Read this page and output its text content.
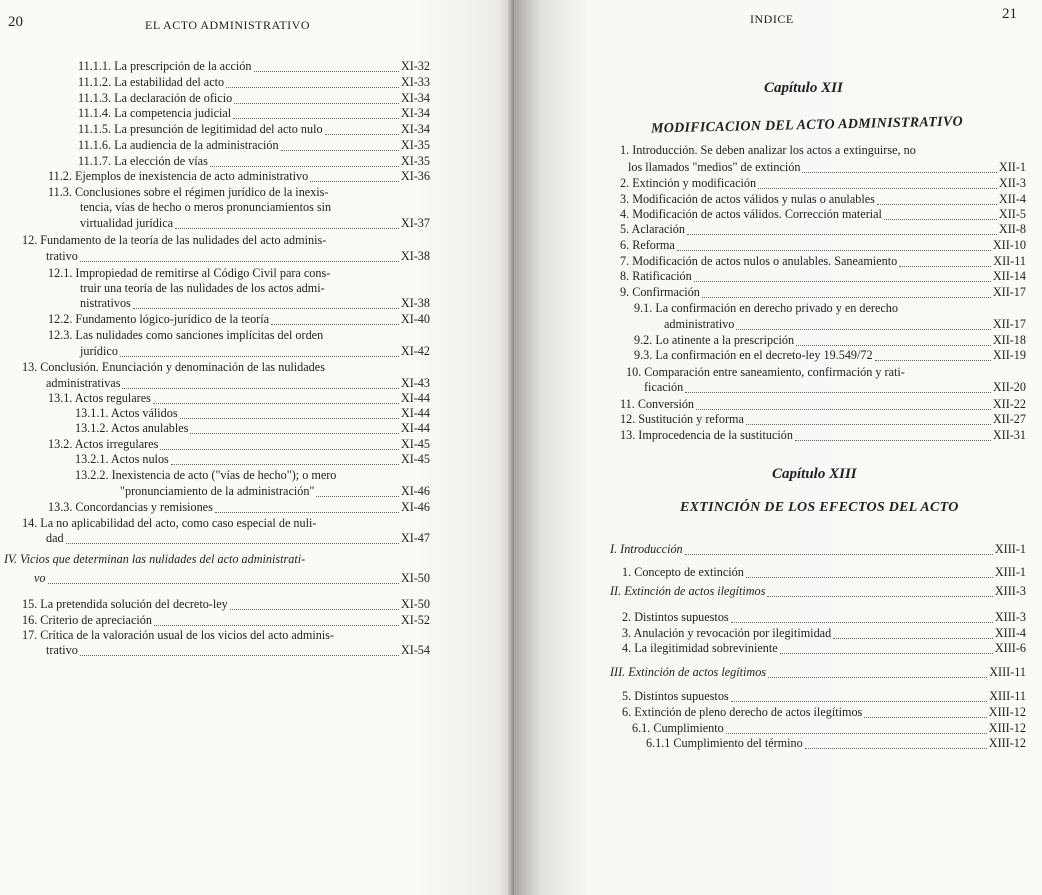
20	EL ACTO ADMINISTRATIVO
11.1.1. La prescripción de la acción	XI-32
11.1.2. La estabilidad del acto	XI-33
11.1.3. La declaración de oficio	XI-34
11.1.4. La competencia judicial	XI-34
11.1.5. La presunción de legitimidad del acto nulo	XI-34
11.1.6. La audiencia de la administración	XI-35
11.1.7. La elección de vías	XI-35
11.2. Ejemplos de inexistencia de acto administrativo	XI-36
11.3. Conclusiones sobre el régimen jurídico de la inexis-
tencia, vías de hecho o meros pronunciamientos sin
virtualidad jurídica	XI-37
12. Fundamento de la teoría de las nulidades del acto adminis-
trativo	XI-38
12.1. Impropiedad de remitirse al Código Civil para cons-
truir una teoría de las nulidades de los actos admi-
nistrativos	XI-38
12.2. Fundamento lógico-jurídico de la teoría	XI-40
12.3. Las nulidades como sanciones implícitas del orden
jurídico	XI-42
13. Conclusión. Enunciación y denominación de las nulidades
administrativas	XI-43
13.1. Actos regulares	XI-44
13.1.1. Actos válidos	XI-44
13.1.2. Actos anulables	XI-44
13.2. Actos irregulares	XI-45
13.2.1. Actos nulos	XI-45
13.2.2. Inexistencia de acto ("vías de hecho"); o mero
"pronunciamiento de la administración"	XI-46
13.3. Concordancias y remisiones	XI-46
14. La no aplicabilidad del acto, como caso especial de nuli-
dad	XI-47
IV. Vicios que determinan las nulidades del acto administrati-
vo	XI-50
15. La pretendida solución del decreto-ley	XI-50
16. Criterio de apreciación	XI-52
17. Crítica de la valoración usual de los vicios del acto adminis-
trativo	XI-54
INDICE	21
Capítulo XII
MODIFICACION DEL ACTO ADMINISTRATIVO
1. Introducción. Se deben analizar los actos a extinguirse, no
los llamados "medios" de extinción	XII-1
2. Extinción y modificación	XII-3
3. Modificación de actos válidos y nulas o anulables	XII-4
4. Modificación de actos válidos. Corrección material	XII-5
5. Aclaración	XII-8
6. Reforma	XII-10
7. Modificación de actos nulos o anulables. Saneamiento	XII-11
8. Ratificación	XII-14
9. Confirmación	XII-17
9.1. La confirmación en derecho privado y en derecho
administrativo	XII-17
9.2. Lo atinente a la prescripción	XII-18
9.3. La confirmación en el decreto-ley 19.549/72	XII-19
10. Comparación entre saneamiento, confirmación y rati-
ficación	XII-20
11. Conversión	XII-22
12. Sustitución y reforma	XII-27
13. Improcedencia de la sustitución	XII-31
Capítulo XIII
EXTINCIÓN DE LOS EFECTOS DEL ACTO
I. Introducción	XIII-1
1. Concepto de extinción	XIII-1
II. Extinción de actos ilegítimos	XIII-3
2. Distintos supuestos	XIII-3
3. Anulación y revocación por ilegitimidad	XIII-4
4. La ilegitimidad sobreviniente	XIII-6
III. Extinción de actos legítimos	XIII-11
5. Distintos supuestos	XIII-11
6. Extinción de pleno derecho de actos ilegítimos	XIII-12
6.1. Cumplimiento	XIII-12
6.1.1 Cumplimiento del término	XIII-12
